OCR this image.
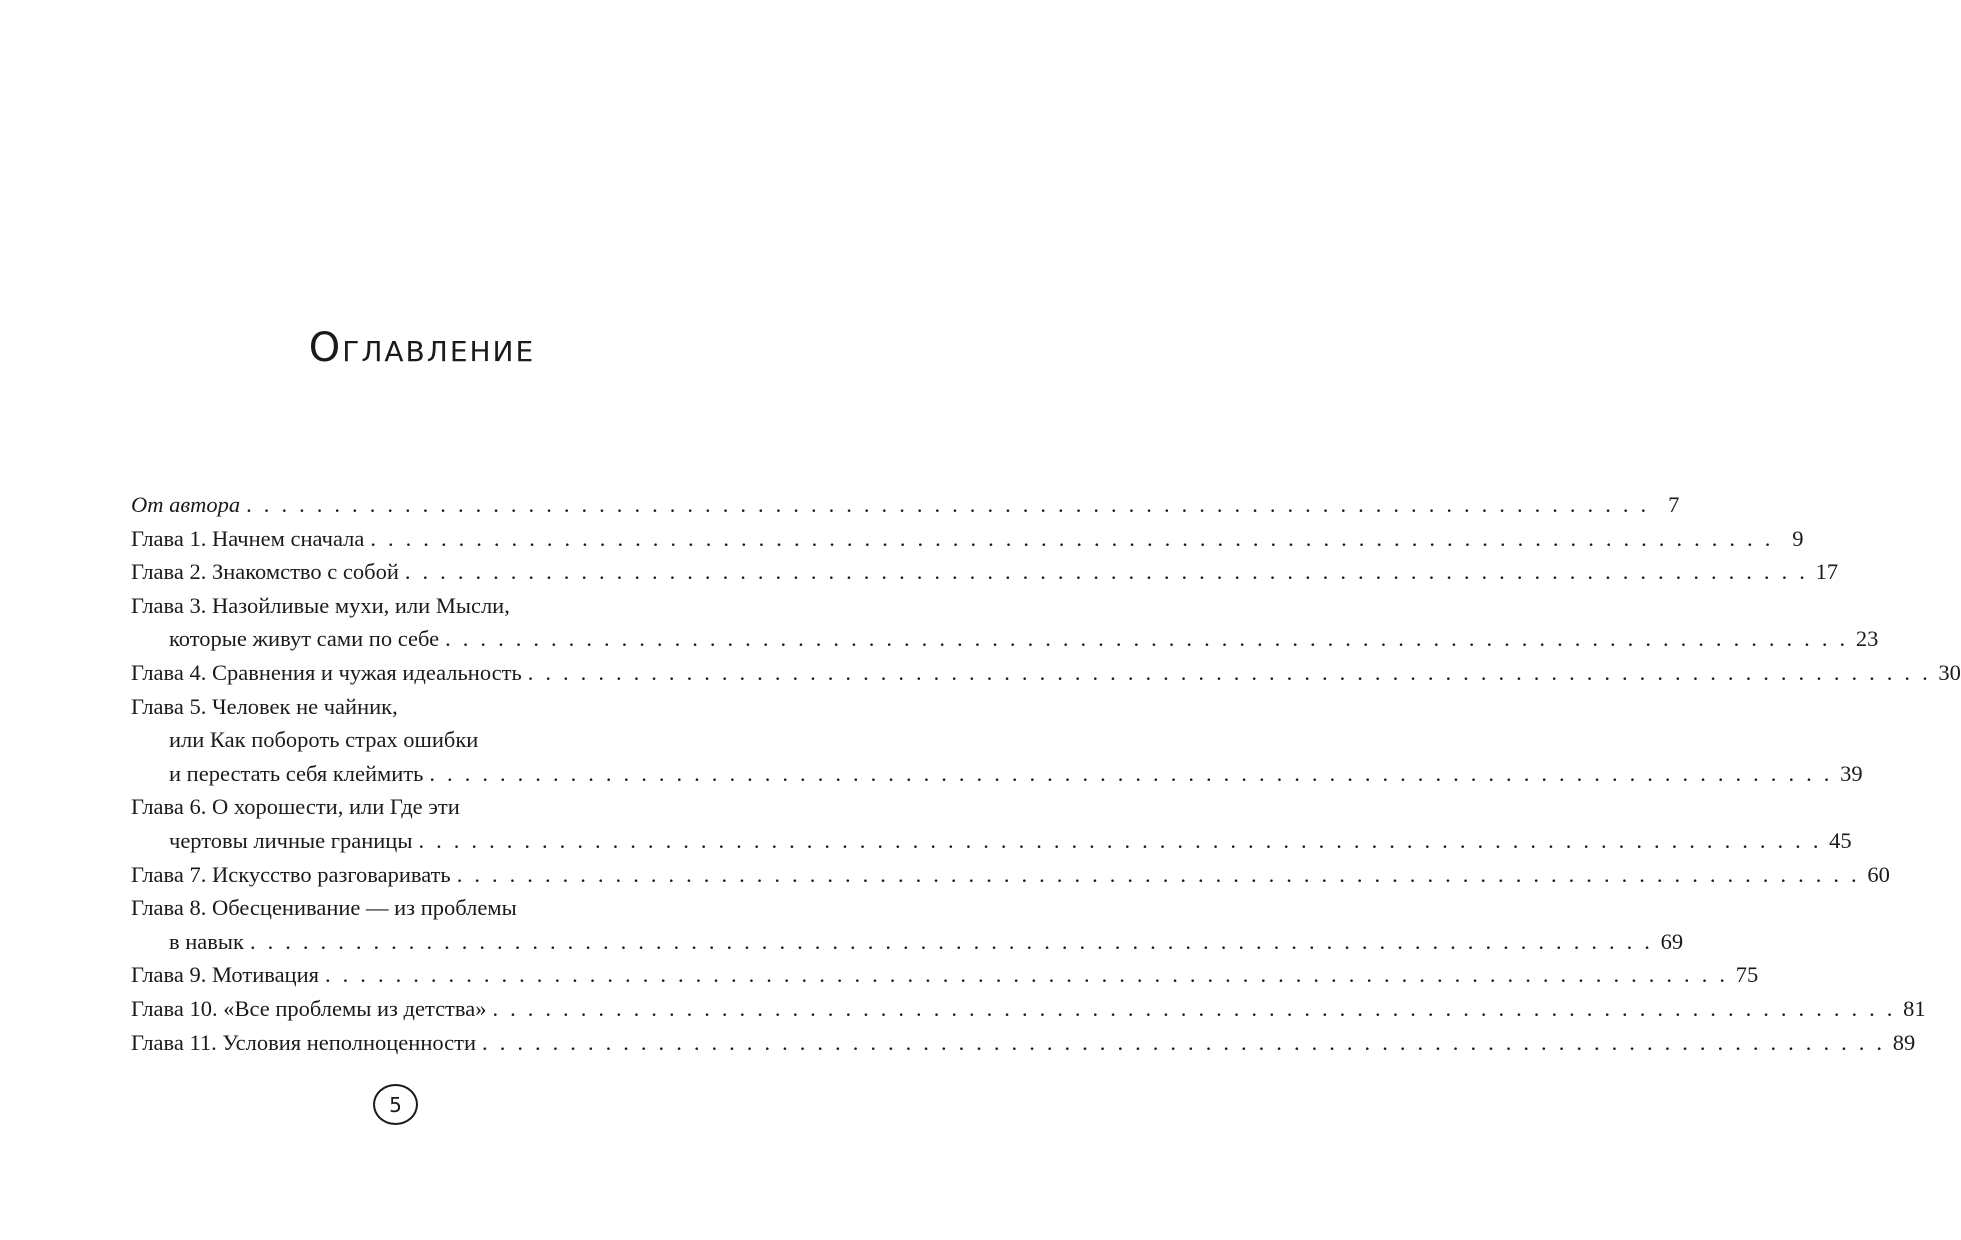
Оглавление
От автора . . . . . . . . . . . . . . . . . . . . . . . . . . . . . . . . . . . . . . . . . . . . . . . . . . . . . . . . . . . . . . . . . . . . . . . . . . . . . . . . 7
Глава 1. Начнем сначала . . . . . . . . . . . . . . . . . . . . . . . . . . . . . . . . . . . . . . . . . . . . . . . . . . . . . . . . . . . . . . . . . . . . . . . . . . . . . . . . 9
Глава 2. Знакомство с собой . . . . . . . . . . . . . . . . . . . . . . . . . . . . . . . . . . . . . . . . . . . . . . . . . . . . . . . . . . . . . . . . . . . . . . . . . . . . . . . . 17
Глава 3. Назойливые мухи, или Мысли,
которые живут сами по себе . . . . . . . . . . . . . . . . . . . . . . . . . . . . . . . . . . . . . . . . . . . . . . . . . . . . . . . . . . . . . . . . . . . . . . . . . . . . . . . . 23
Глава 4. Сравнения и чужая идеальность . . . . . . . . . . . . . . . . . . . . . . . . . . . . . . . . . . . . . . . . . . . . . . . . . . . . . . . . . . . . . . . . . . . . . . . . . . . . . . . . 30
Глава 5. Человек не чайник,
или Как побороть страх ошибки
и перестать себя клеймить . . . . . . . . . . . . . . . . . . . . . . . . . . . . . . . . . . . . . . . . . . . . . . . . . . . . . . . . . . . . . . . . . . . . . . . . . . . . . . . . 39
Глава 6. О хорошести, или Где эти
чертовы личные границы . . . . . . . . . . . . . . . . . . . . . . . . . . . . . . . . . . . . . . . . . . . . . . . . . . . . . . . . . . . . . . . . . . . . . . . . . . . . . . . . 45
Глава 7. Искусство разговаривать . . . . . . . . . . . . . . . . . . . . . . . . . . . . . . . . . . . . . . . . . . . . . . . . . . . . . . . . . . . . . . . . . . . . . . . . . . . . . . . . 60
Глава 8. Обесценивание — из проблемы
в навык . . . . . . . . . . . . . . . . . . . . . . . . . . . . . . . . . . . . . . . . . . . . . . . . . . . . . . . . . . . . . . . . . . . . . . . . . . . . . . . . 69
Глава 9. Мотивация . . . . . . . . . . . . . . . . . . . . . . . . . . . . . . . . . . . . . . . . . . . . . . . . . . . . . . . . . . . . . . . . . . . . . . . . . . . . . . . . 75
Глава 10. «Все проблемы из детства» . . . . . . . . . . . . . . . . . . . . . . . . . . . . . . . . . . . . . . . . . . . . . . . . . . . . . . . . . . . . . . . . . . . . . . . . . . . . . . . . 81
Глава 11. Условия неполноценности . . . . . . . . . . . . . . . . . . . . . . . . . . . . . . . . . . . . . . . . . . . . . . . . . . . . . . . . . . . . . . . . . . . . . . . . . . . . . . . . 89
5
